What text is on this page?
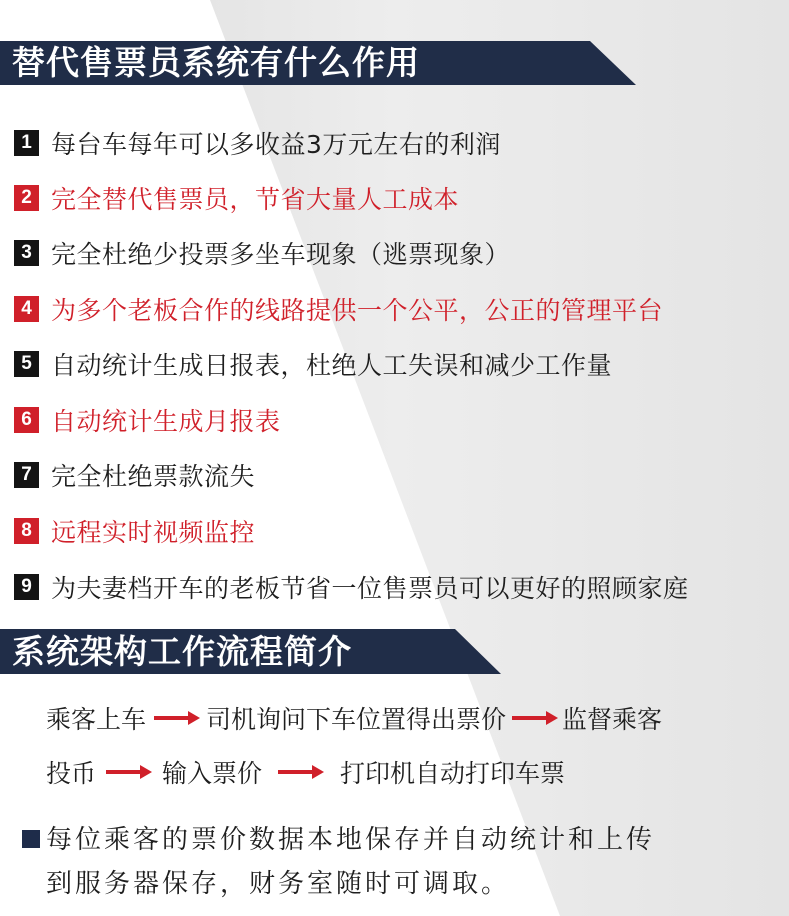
替代售票员系统有什么作用
1 每台车每年可以多收益3万元左右的利润
2 完全替代售票员，节省大量人工成本
3 完全杜绝少投票多坐车现象（逃票现象）
4 为多个老板合作的线路提供一个公平，公正的管理平台
5 自动统计生成日报表，杜绝人工失误和减少工作量
6 自动统计生成月报表
7 完全杜绝票款流失
8 远程实时视频监控
9 为夫妻档开车的老板节省一位售票员可以更好的照顾家庭
系统架构工作流程简介
乘客上车 司机询问下车位置得出票价 监督乘客
投币	输入票价	打印机自动打印车票
每位乘客的票价数据本地保存并自动统计和上传
到服务器保存，财务室随时可调取。
